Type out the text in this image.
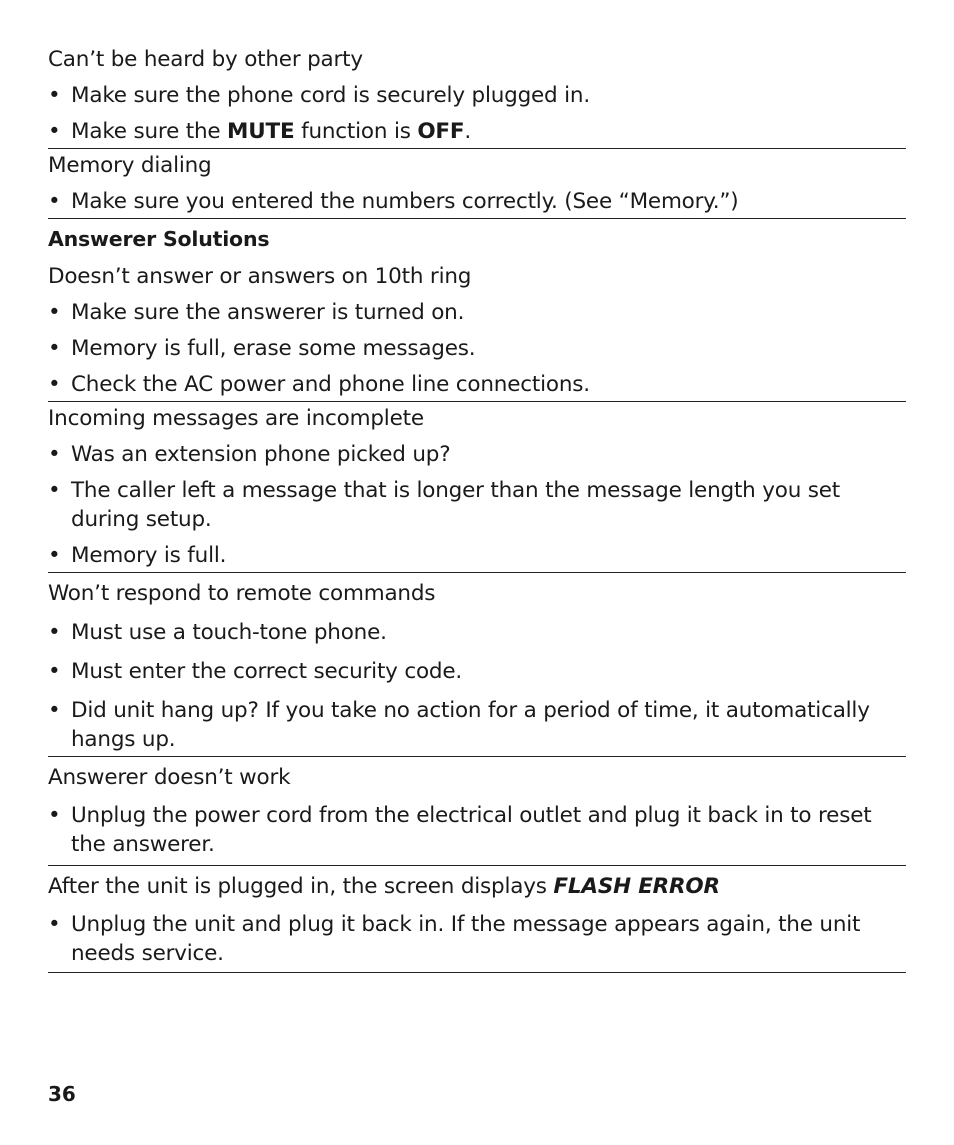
Can’t be heard by other party
• Make sure the phone cord is securely plugged in.
• Make sure the MUTE function is OFF.
Memory dialing
• Make sure you entered the numbers correctly. (See “Memory.”)
Answerer Solutions
Doesn’t answer or answers on 10th ring
• Make sure the answerer is turned on.
• Memory is full, erase some messages.
• Check the AC power and phone line connections.
Incoming messages are incomplete
• Was an extension phone picked up?
• The caller left a message that is longer than the message length you set during setup.
• Memory is full.
Won’t respond to remote commands
• Must use a touch-tone phone.
• Must enter the correct security code.
• Did unit hang up? If you take no action for a period of time, it automatically hangs up.
Answerer doesn’t work
• Unplug the power cord from the electrical outlet and plug it back in to reset the answerer.
After the unit is plugged in, the screen displays FLASH ERROR
• Unplug the unit and plug it back in. If the message appears again, the unit needs service.
36
